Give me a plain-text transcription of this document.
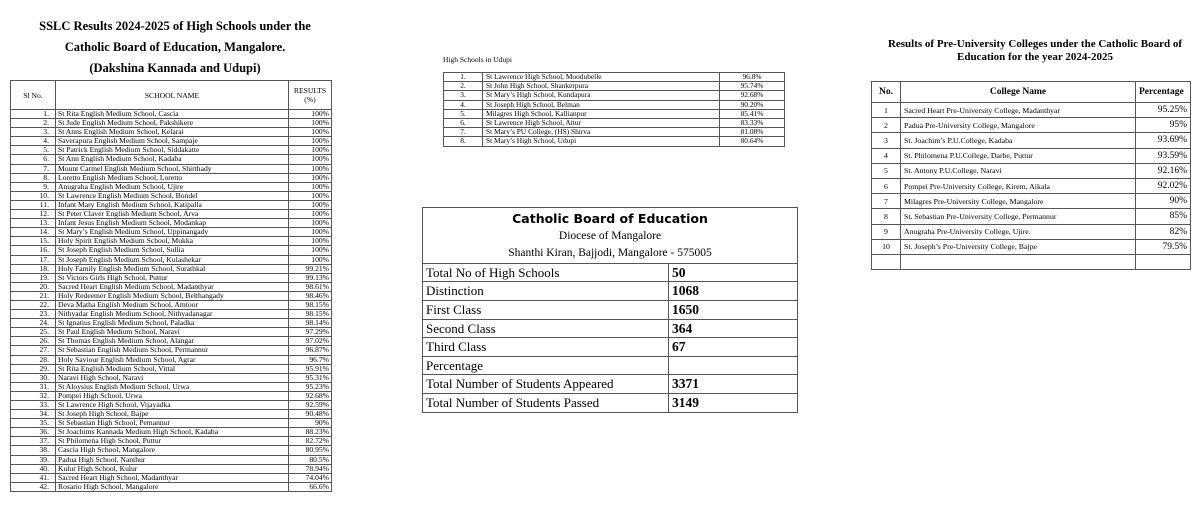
SSLC Results 2024-2025 of High Schools under the
Catholic Board of Education, Mangalore.
(Dakshina Kannada and Udupi)
Sl No.	SCHOOL NAME	RESULTS
(%)

1.	St Rita English Medium School, Cascia	100%
2.	St Jude English Medium School, Pakshikere	100%
3.	St Anns English Medium School, Kelarai	100%
4.	Saverapura English Medium School, Sampaje	100%
5.	St Patrick English Medium School, Siddakatte	100%
6.	St Ann English Medium School, Kadaba	100%
7.	Mount Carmel English Medium School, Shirthady	100%
8.	Loretto English Medium School, Loretto	100%
9.	Anugraha English Medium School, Ujire	100%
10.	St Lawrence English Medium School, Bondel	100%
11.	Infant Mary English Medium School, Katipalla	100%
12.	St Peter Claver English Medium School, Arva	100%
13.	Infant Jesus English Medium School, Modankap	100%
14.	St Mary’s English Medium School, Uppinangady	100%
15.	Holy Spirit English Medium School, Mukka	100%
16.	St Joseph English Medium School, Sullia	100%
17.	St Joseph English Medium School, Kulashekar	100%
18.	Holy Family English Medium School, Surathkal	99.21%
19.	St Victors Girls High School, Puttur	99.13%
20.	Sacred Heart English Medium School, Madanthyar	98.61%
21.	Holy Redeemer English Medium School, Belthangady	98.46%
22.	Deva Matha English Medium School, Amtoor	98.15%
23.	Nithyadar English Medium School, Nithyadanagar	98.15%
24.	St Ignatius English Medium School, Paladka	98.14%
25.	St Paul English Medium School, Naravi	97.29%
26.	St Thomas English Medium School, Alangar	97.02%
27.	St Sebastian English Medium School, Permannur	96.87%
28.	Holy Saviour English Medium School, Agrar	96.7%
29.	St Rita English Medium School, Vittal	95.91%
30.	Naravi High School, Naravi	95.31%
31.	St Aloysius English Medium School, Urwa	95.23%
32.	Pompei High School, Urwa	92.68%
33.	St Lawrence High School, Vijayadka	92.59%
34.	St Joseph High School, Bajpe	90.48%
35.	St Sebastian High School, Pemannur	90%
36.	St Joachims Kannada Medium High School, Kadaba	88.23%
37.	St Philomena High School, Puttur	82.72%
38.	Cascia High School, Mangalore	80.95%
39.	Padua High School, Nanthur	80.5%
40.	Kulur High School, Kulur	78.94%
41.	Sacred Heart High School, Madanthyar	74.04%
42.	Rosario High School, Mangalore	66.6%
High Schools in Udupi
1.	St Lawrence High School, Moodubelle	96.8%
2.	St John High School, Shankerpura	95.74%
3.	St Mary’s High School, Kundapura	92.68%
4.	St Joseph High School, Belman	90.20%
5.	Milagres High School, Kallianpur	85.41%
6.	St Lawrence High School, Attur	83.33%
7.	St Mary’s PU College, (HS) Shirva	81.08%
8.	St Mary’s High School, Udupi	80.64%
Catholic Board of Education	
Diocese of Mangalore	
Shanthi Kiran, Bajjodi, Mangalore - 575005	
Total No of High Schools	50
Distinction	1068
First Class	1650
Second Class	364
Third Class	67
Percentage	
Total Number of Students Appeared	3371
Total Number of Students Passed	3149
Results of Pre-University Colleges under the Catholic Board of
Education for the year 2024-2025
No.	College Name	Percentage
1	Sacred Heart Pre-University College, Madanthyar	95.25%
2	Padua Pre-University College, Mangalore	95%
3	St. Joachim’s P.U.College, Kadaba	93.69%
4	St. Philomena P.U.College, Darbe, Puttur	93.59%
5	St. Antony P.U.College, Naravi	92.16%
6	Pompei Pre-University College, Kirem, Aikala	92.02%
7	Milagres Pre-University College, Mangalore	90%
8	St. Sebastian Pre-University College, Permannur	85%
9	Anugraha Pre-University College, Ujire.	82%
10	St. Joseph’s Pre-University College, Bajpe	79.5%
